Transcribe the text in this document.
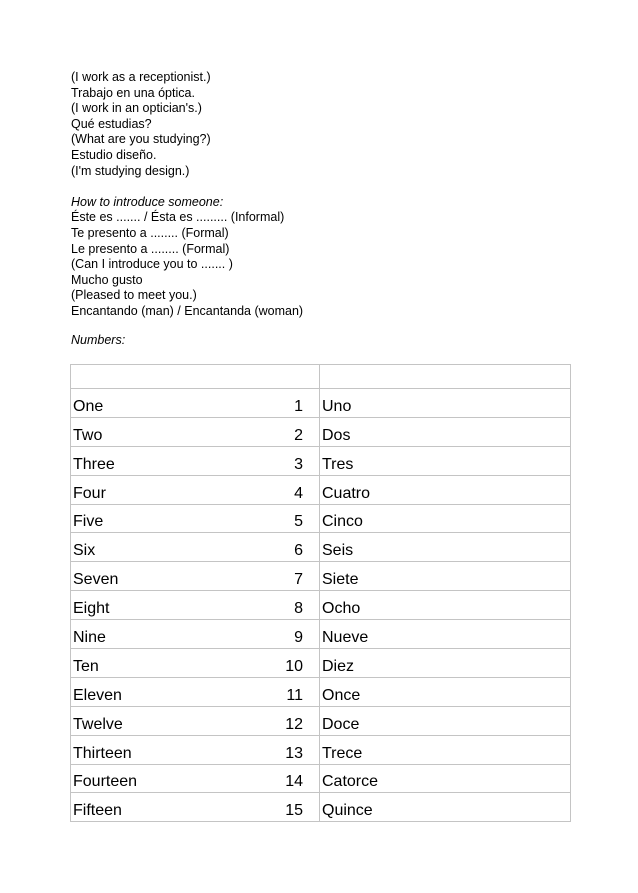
(I work as a receptionist.)
Trabajo en una óptica.
(I work in an optician's.)
Qué estudias?
(What are you studying?)
Estudio diseño.
(I'm studying design.)
How to introduce someone:
Éste es ....... / Ésta es ......... (Informal)
Te presento a ........ (Formal)
Le presento a ........ (Formal)
(Can I introduce you to ....... )
Mucho gusto
(Pleased to meet you.)
Encantando (man) / Encantanda (woman)
Numbers:

One 1	Uno

Two 2	Dos

Three 3	Tres

Four 4	Cuatro

Five 5	Cinco

Six 6	Seis

Seven 7	Siete

Eight 8	Ocho

Nine 9	Nueve

Ten 10	Diez

Eleven 11	Once

Twelve 12	Doce

Thirteen 13	Trece

Fourteen 14	Catorce

Fifteen 15	Quince
